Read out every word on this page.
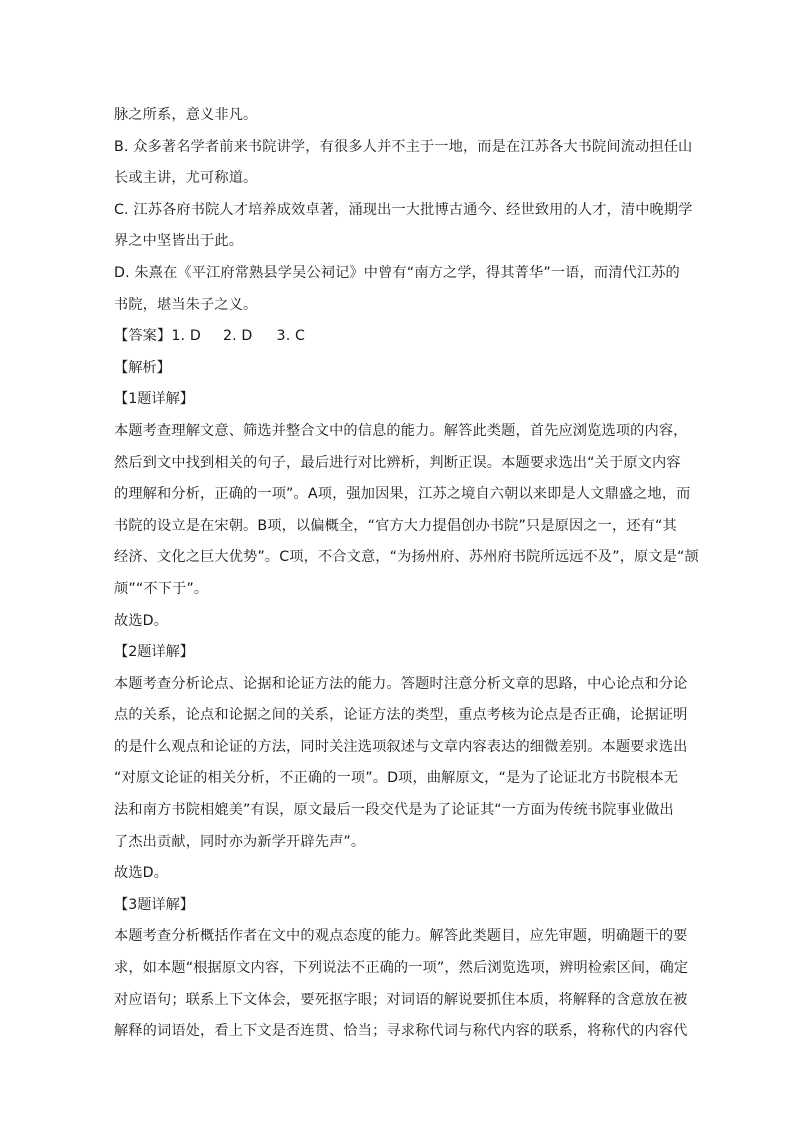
脉之所系，意义非凡。
B. 众多著名学者前来书院讲学，有很多人并不主于一地，而是在江苏各大书院间流动担任山
长或主讲，尤可称道。
C. 江苏各府书院人才培养成效卓著，涌现出一大批博古通今、经世致用的人才，清中晚期学
界之中坚皆出于此。
D. 朱熹在《平江府常熟县学吴公祠记》中曾有“南方之学，得其菁华”一语，而清代江苏的
书院，堪当朱子之义。
【答案】1. D 2. D 3. C
【解析】
【1题详解】
本题考查理解文意、筛选并整合文中的信息的能力。解答此类题，首先应浏览选项的内容，
然后到文中找到相关的句子，最后进行对比辨析，判断正误。本题要求选出“关于原文内容
的理解和分析，正确的一项”。A项，强加因果，江苏之境自六朝以来即是人文鼎盛之地，而
书院的设立是在宋朝。B项，以偏概全，“官方大力提倡创办书院”只是原因之一，还有“其
经济、文化之巨大优势”。C项，不合文意，“为扬州府、苏州府书院所远远不及”，原文是“颉
颃”“不下于”。
故选D。
【2题详解】
本题考查分析论点、论据和论证方法的能力。答题时注意分析文章的思路，中心论点和分论
点的关系，论点和论据之间的关系，论证方法的类型，重点考核为论点是否正确，论据证明
的是什么观点和论证的方法，同时关注选项叙述与文章内容表达的细微差别。本题要求选出
“对原文论证的相关分析，不正确的一项”。D项，曲解原文，“是为了论证北方书院根本无
法和南方书院相媲美”有误，原文最后一段交代是为了论证其“一方面为传统书院事业做出
了杰出贡献，同时亦为新学开辟先声”。
故选D。
【3题详解】
本题考查分析概括作者在文中的观点态度的能力。解答此类题目，应先审题，明确题干的要
求，如本题“根据原文内容，下列说法不正确的一项”，然后浏览选项，辨明检索区间，确定
对应语句；联系上下文体会，要死抠字眼；对词语的解说要抓住本质，将解释的含意放在被
解释的词语处，看上下文是否连贯、恰当；寻求称代词与称代内容的联系，将称代的内容代
